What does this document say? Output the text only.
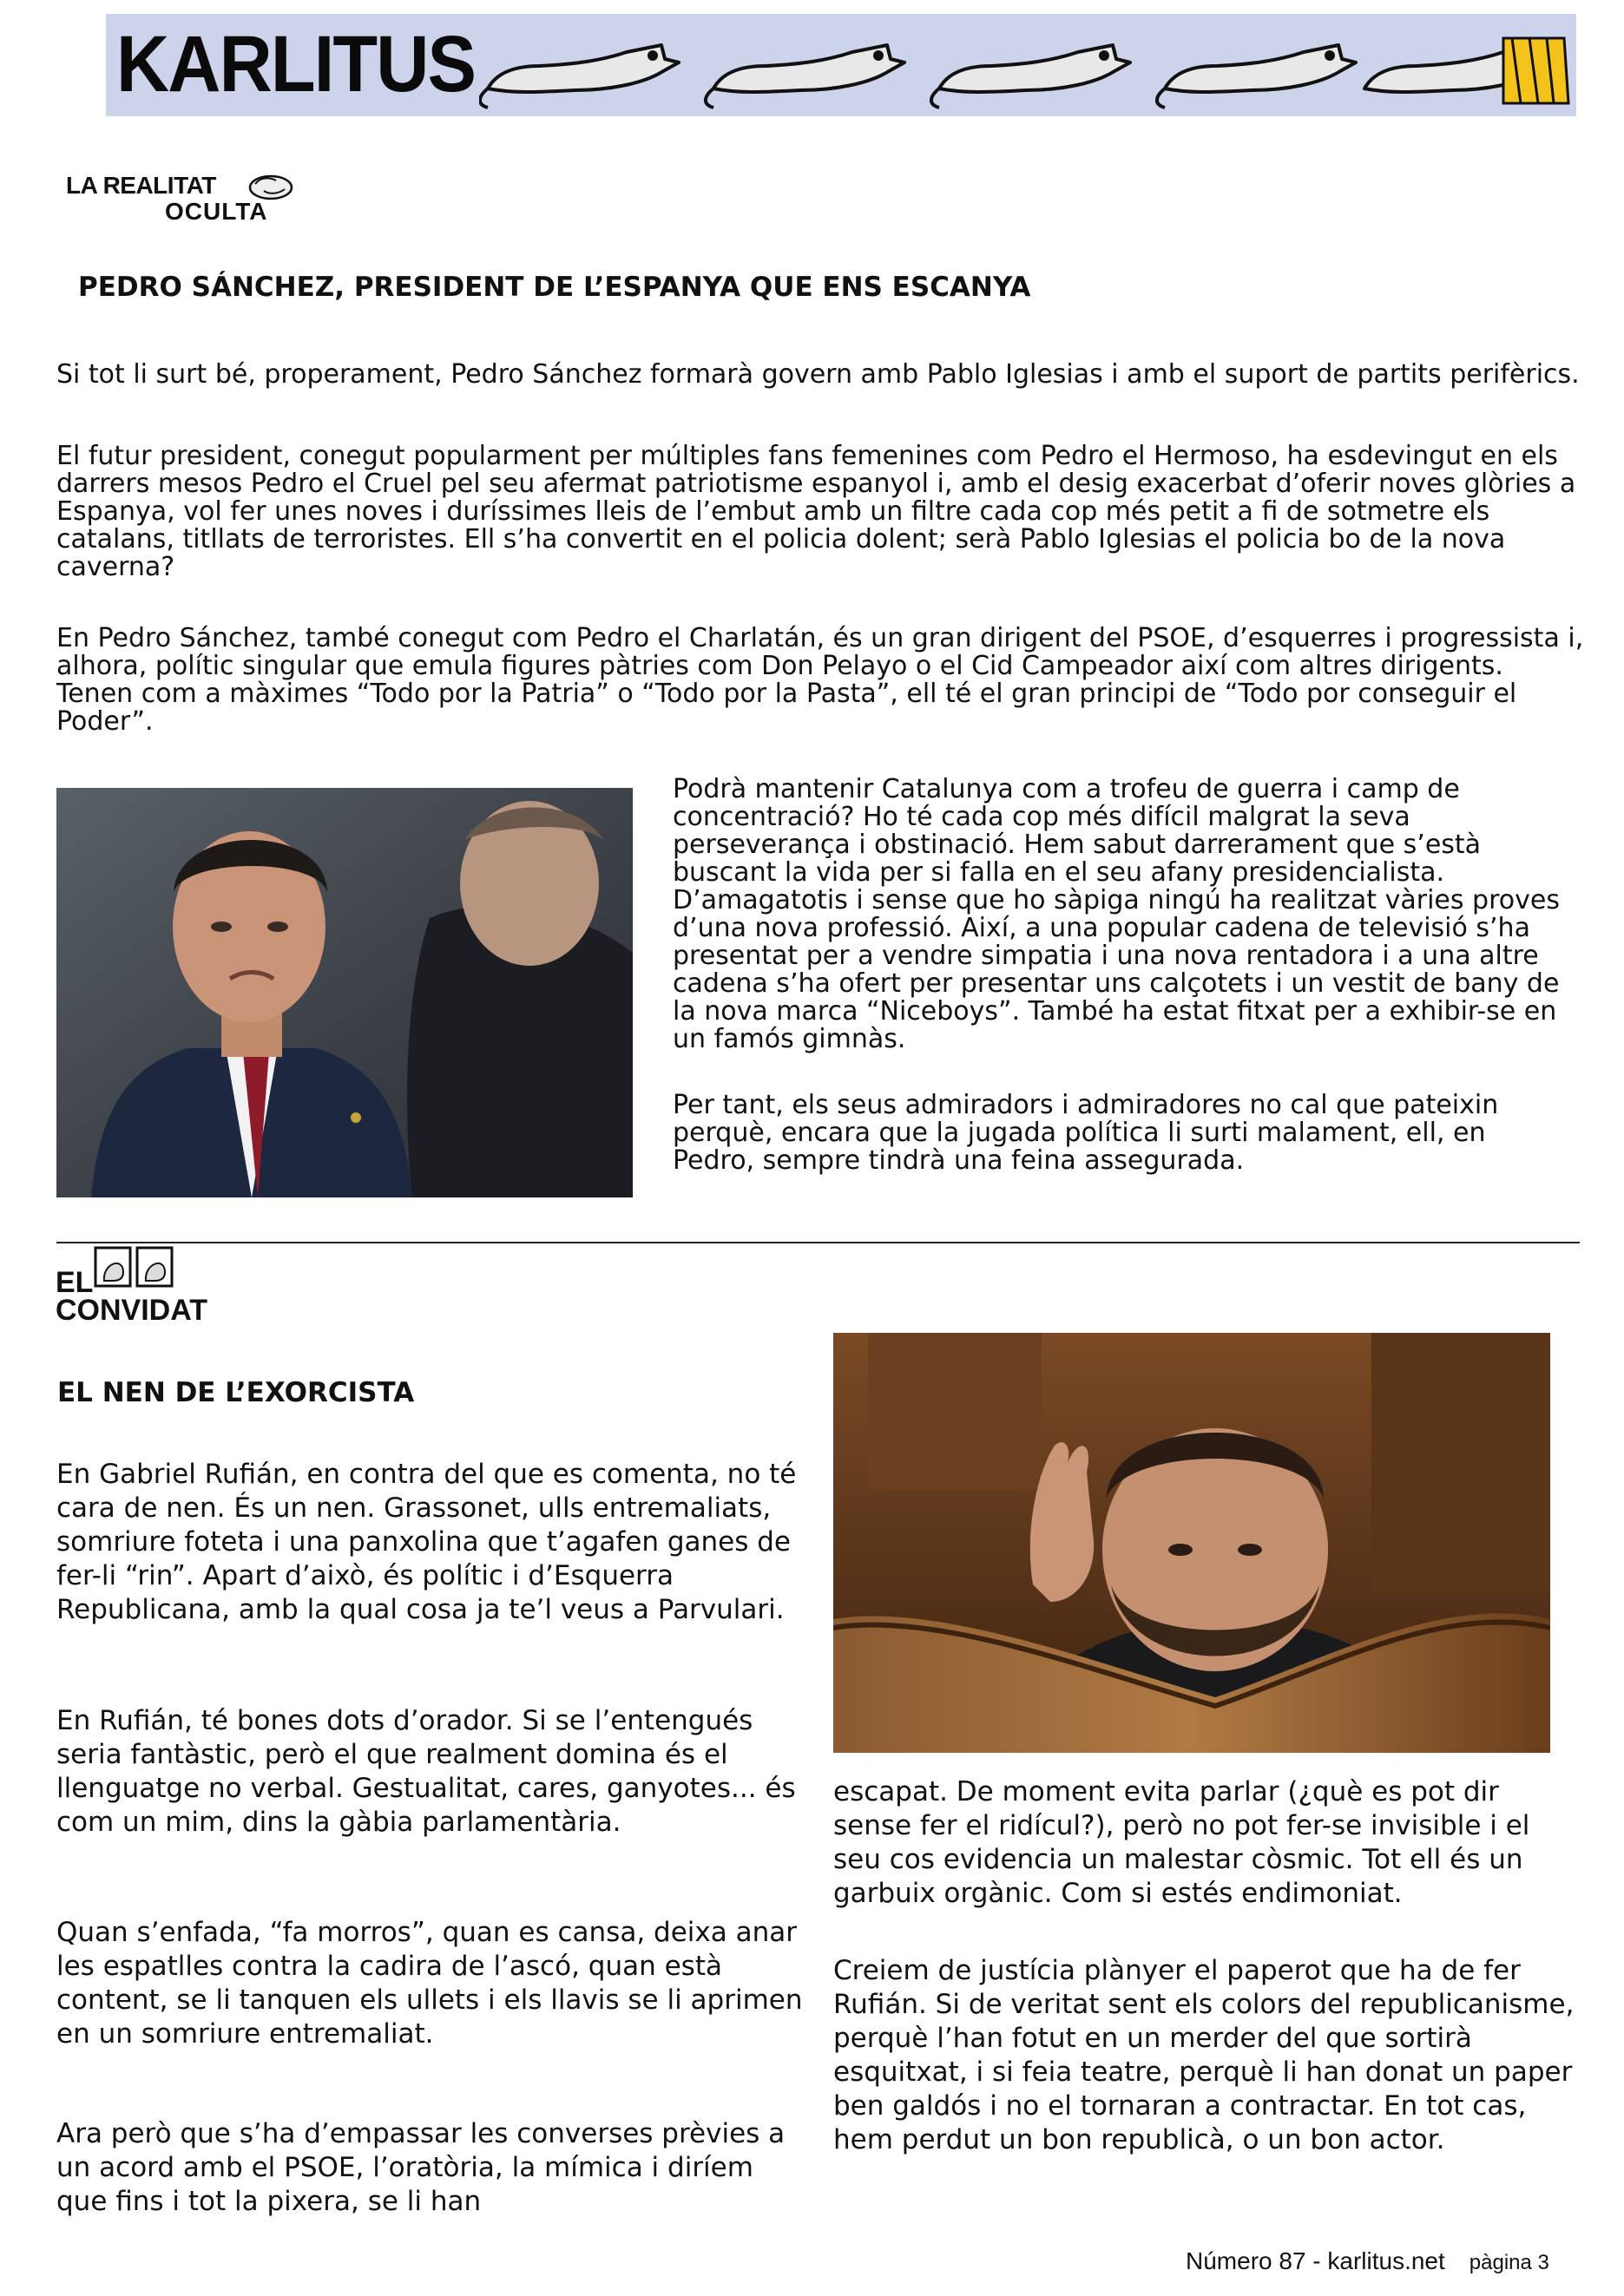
KARLITUS
LA REALITAT
OCULTA
PEDRO SÁNCHEZ, PRESIDENT DE L’ESPANYA QUE ENS ESCANYA

Si tot li surt bé, properament, Pedro Sánchez formarà govern amb Pablo Iglesias i amb el suport de partits perifèrics.

El futur president, conegut popularment per múltiples fans femenines com Pedro el Hermoso, ha esdevingut en els darrers mesos Pedro el Cruel pel seu afermat patriotisme espanyol i, amb el desig exacerbat d’oferir noves glòries a Espanya, vol fer unes noves i duríssimes lleis de l’embut amb un filtre cada cop més petit a fi de sotmetre els catalans, titllats de terroristes. Ell s’ha convertit en el policia dolent; serà Pablo Iglesias el policia bo de la nova caverna?

En Pedro Sánchez, també conegut com Pedro el Charlatán, és un gran dirigent del PSOE, d’esquerres i progressista i, alhora, polític singular que emula figures pàtries com Don Pelayo o el Cid Campeador així com altres dirigents. Tenen com a màximes “Todo por la Patria” o “Todo por la Pasta”, ell té el gran principi de “Todo por conseguir el Poder”.

Podrà mantenir Catalunya com a trofeu de guerra i camp de concentració? Ho té cada cop més difícil malgrat la seva perseverança i obstinació. Hem sabut darrerament que s’està buscant la vida per si falla en el seu afany presidencialista. D’amagatotis i sense que ho sàpiga ningú ha realitzat vàries proves d’una nova professió. Així, a una popular cadena de televisió s’ha presentat per a vendre simpatia i una nova rentadora i a una altre cadena s’ha ofert per presentar uns calçotets i un vestit de bany de la nova marca “Niceboys”. També ha estat fitxat per a exhibir-se en un famós gimnàs.

Per tant, els seus admiradors i admiradores no cal que pateixin perquè, encara que la jugada política li surti malament, ell, en Pedro, sempre tindrà una feina assegurada.

EL
CONVIDAT
EL NEN DE L’EXORCISTA

En Gabriel Rufián, en contra del que es comenta, no té cara de nen. És un nen. Grassonet, ulls entremaliats, somriure foteta i una panxolina que t’agafen ganes de fer-li “rin”. Apart d’això, és polític i d’Esquerra Republicana, amb la qual cosa ja te’l veus a Parvulari.

En Rufián, té bones dots d’orador. Si se l’entengués seria fantàstic, però el que realment domina és el llenguatge no verbal. Gestualitat, cares, ganyotes... és com un mim, dins la gàbia parlamentària.

Quan s’enfada, “fa morros”, quan es cansa, deixa anar les espatlles contra la cadira de l’ascó, quan està content, se li tanquen els ullets i els llavis se li aprimen en un somriure entremaliat.

Ara però que s’ha d’empassar les converses prèvies a un acord amb el PSOE, l’oratòria, la mímica i diríem que fins i tot la pixera, se li han

escapat. De moment evita parlar (¿què es pot dir sense fer el ridícul?), però no pot fer-se invisible i el seu cos evidencia un malestar còsmic. Tot ell és un garbuix orgànic. Com si estés endimoniat.

Creiem de justícia plànyer el paperot que ha de fer Rufián. Si de veritat sent els colors del republicanisme, perquè l’han fotut en un merder del que sortirà esquitxat, i si feia teatre, perquè li han donat un paper ben galdós i no el tornaran a contractar. En tot cas, hem perdut un bon republicà, o un bon actor.

Número 87 - karlitus.net pàgina 3
